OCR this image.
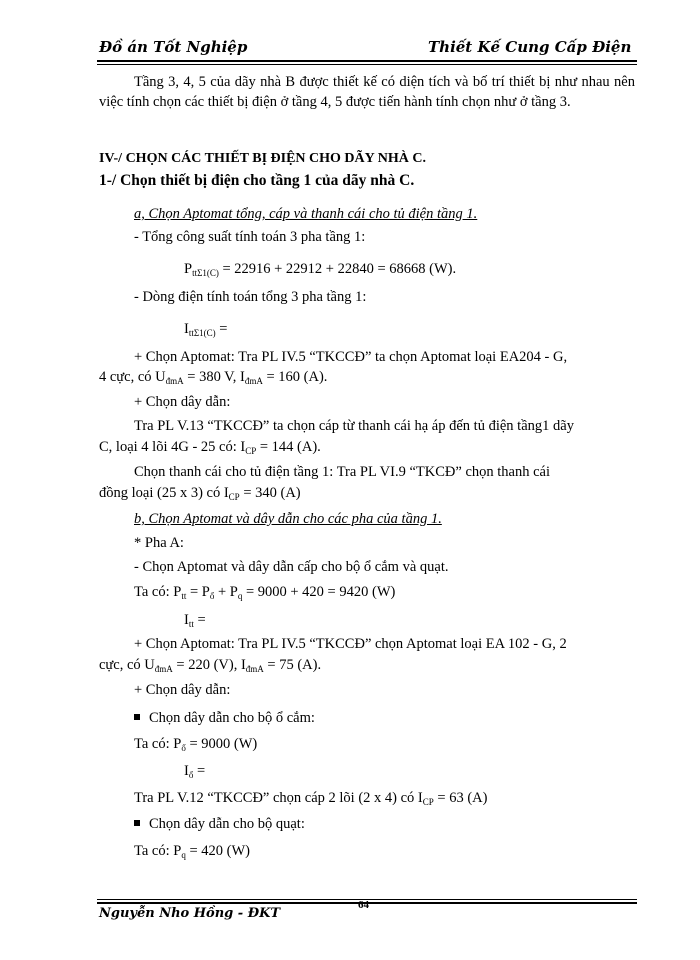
Đồ án Tốt Nghiệp	Thiết Kế Cung Cấp Điện
Tầng 3, 4, 5 của dãy nhà B được thiết kế có diện tích và bố trí thiết bị như nhau nên việc tính chọn các thiết bị điện ở tầng 4, 5 được tiến hành tính chọn như ở tầng 3.
IV-/ CHỌN CÁC THIẾT BỊ ĐIỆN CHO DÃY NHÀ C.
1-/ Chọn thiết bị điện cho tầng 1 của dãy nhà C.
a, Chọn Aptomat tổng, cáp và thanh cái cho tủ điện tầng 1.
- Tổng công suất tính toán 3 pha tầng 1:
$P_{tt\Sigma 1(C)} = 22916 + 22912 + 22840 = 68668$ (W).
- Dòng điện tính toán tổng 3 pha tầng 1:
$I_{tt\Sigma 1(C)}$ =
+ Chọn Aptomat: Tra PL IV.5 “TKCCĐ” ta chọn Aptomat loại EA204 - G,
4 cực, có $U_{đmA} = 380$ V, $I_{đmA} = 160$ (A).
+ Chọn dây dẫn:
Tra PL V.13 “TKCCĐ” ta chọn cáp từ thanh cái hạ áp đến tủ điện tầng1 dãy
C, loại 4 lõi 4G - 25 có: $I_{CP} = 144$ (A).
Chọn thanh cái cho tủ điện tầng 1: Tra PL VI.9 “TKCĐ” chọn thanh cái
đồng loại (25 x 3) có $I_{CP} = 340$ (A)
b, Chọn Aptomat và dây dẫn cho các pha của tầng 1.
* Pha A:
- Chọn Aptomat và dây dẫn cấp cho bộ ổ cắm và quạt.
Ta có: $P_{tt} = P_ổ + P_q = 9000 + 420 = 9420$ (W)
$I_{tt}$ =
+ Chọn Aptomat: Tra PL IV.5 “TKCCĐ” chọn Aptomat loại EA 102 - G, 2
cực, có $U_{đmA} = 220$ (V), $I_{đmA} = 75$ (A).
+ Chọn dây dẫn:
Chọn dây dẫn cho bộ ổ cắm:
Ta có: $P_ổ = 9000$ (W)
$I_ổ$ =
Tra PL V.12 “TKCCĐ” chọn cáp 2 lõi (2 x 4) có $I_{CP} = 63$ (A)
Chọn dây dẫn cho bộ quạt:
Ta có: $P_q = 420$ (W)
Nguyễn Nho Hồng - ĐKT
64
